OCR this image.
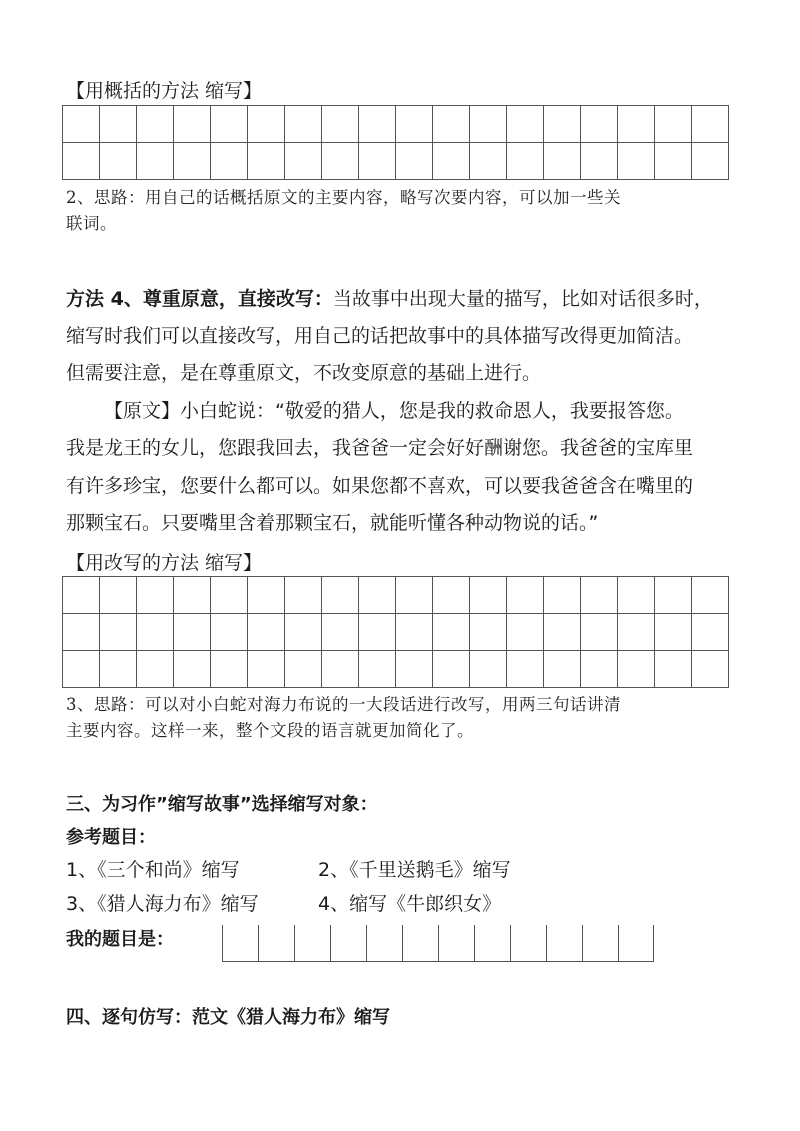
【用概括的方法 缩写】

2、思路：用自己的话概括原文的主要内容，略写次要内容，可以加一些关
联词。
方法 4、尊重原意，直接改写：当故事中出现大量的描写，比如对话很多时，
缩写时我们可以直接改写，用自己的话把故事中的具体描写改得更加简洁。
但需要注意，是在尊重原文，不改变原意的基础上进行。
【原文】小白蛇说：“敬爱的猎人，您是我的救命恩人，我要报答您。
我是龙王的女儿，您跟我回去，我爸爸一定会好好酬谢您。我爸爸的宝库里
有许多珍宝，您要什么都可以。如果您都不喜欢，可以要我爸爸含在嘴里的
那颗宝石。只要嘴里含着那颗宝石，就能听懂各种动物说的话。”
【用改写的方法 缩写】

3、思路：可以对小白蛇对海力布说的一大段话进行改写，用两三句话讲清
主要内容。这样一来，整个文段的语言就更加简化了。
三、为习作”缩写故事”选择缩写对象：
参考题目：
1、《三个和尚》缩写	2、《千里送鹅毛》缩写
3、《猎人海力布》缩写	4、缩写《牛郎织女》
我的题目是：
四、逐句仿写：范文《猎人海力布》缩写
